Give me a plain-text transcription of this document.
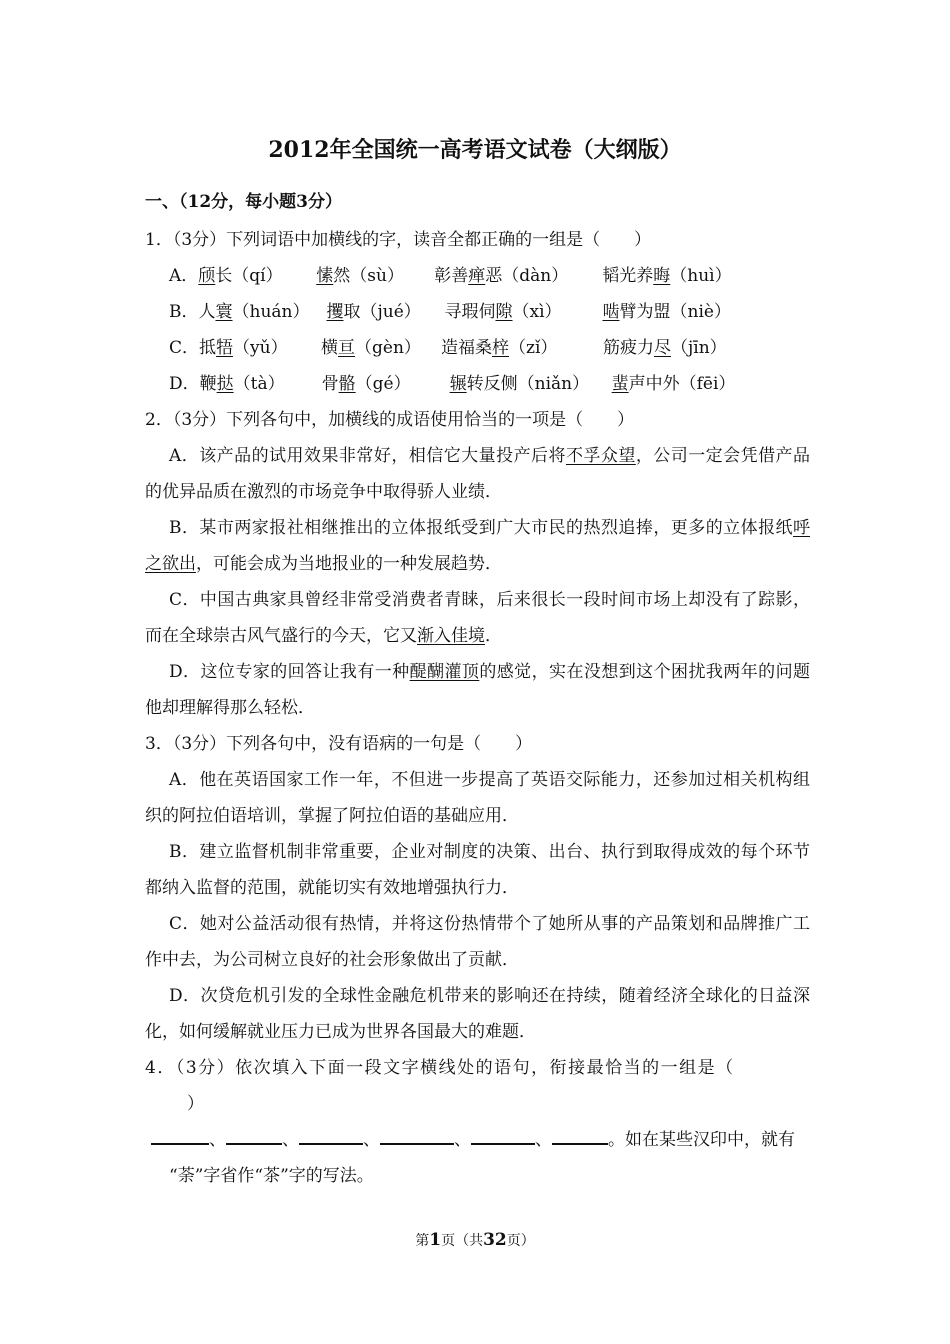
2012年全国统一高考语文试卷（大纲版）
一、（12分，每小题3分）

1．（3分）下列词语中加横线的字，读音全都正确的一组是（　　）

A．颀长（qí） 愫然（sù） 彰善瘅恶（dàn） 韬光养晦（huì）

B．人寰（huán） 攫取（jué） 寻瑕伺隙（xì） 啮臂为盟（niè）

C．抵牾（yǔ） 横亘（gèn） 造福桑梓（zǐ）	筋疲力尽（jīn）

D．鞭挞（tà） 骨骼（gé） 辗转反侧（niǎn） 蜚声中外（fēi）

2．（3分）下列各句中，加横线的成语使用恰当的一项是（　　）

A．该产品的试用效果非常好，相信它大量投产后将不孚众望，公司一定会凭借产品的优异品质在激烈的市场竞争中取得骄人业绩．

B．某市两家报社相继推出的立体报纸受到广大市民的热烈追捧，更多的立体报纸呼之欲出，可能会成为当地报业的一种发展趋势．

C．中国古典家具曾经非常受消费者青睐，后来很长一段时间市场上却没有了踪影，而在全球崇古风气盛行的今天，它又渐入佳境．

D．这位专家的回答让我有一种醍醐灌顶的感觉，实在没想到这个困扰我两年的问题他却理解得那么轻松．

3．（3分）下列各句中，没有语病的一句是（　　）

A．他在英语国家工作一年，不但进一步提高了英语交际能力，还参加过相关机构组织的阿拉伯语培训，掌握了阿拉伯语的基础应用．

B．建立监督机制非常重要，企业对制度的决策、出台、执行到取得成效的每个环节都纳入监督的范围，就能切实有效地增强执行力．

C．她对公益活动很有热情，并将这份热情带个了她所从事的产品策划和品牌推广工作中去，为公司树立良好的社会形象做出了贡献．

D．次贷危机引发的全球性金融危机带来的影响还在持续，随着经济全球化的日益深化，如何缓解就业压力已成为世界各国最大的难题．

4．（3分）依次填入下面一段文字横线处的语句，衔接最恰当的一组是（

）

、	、	、	、	、	。如在某些汉印中，就有

“荼”字省作“茶”字的写法。

第1页（共32页）
